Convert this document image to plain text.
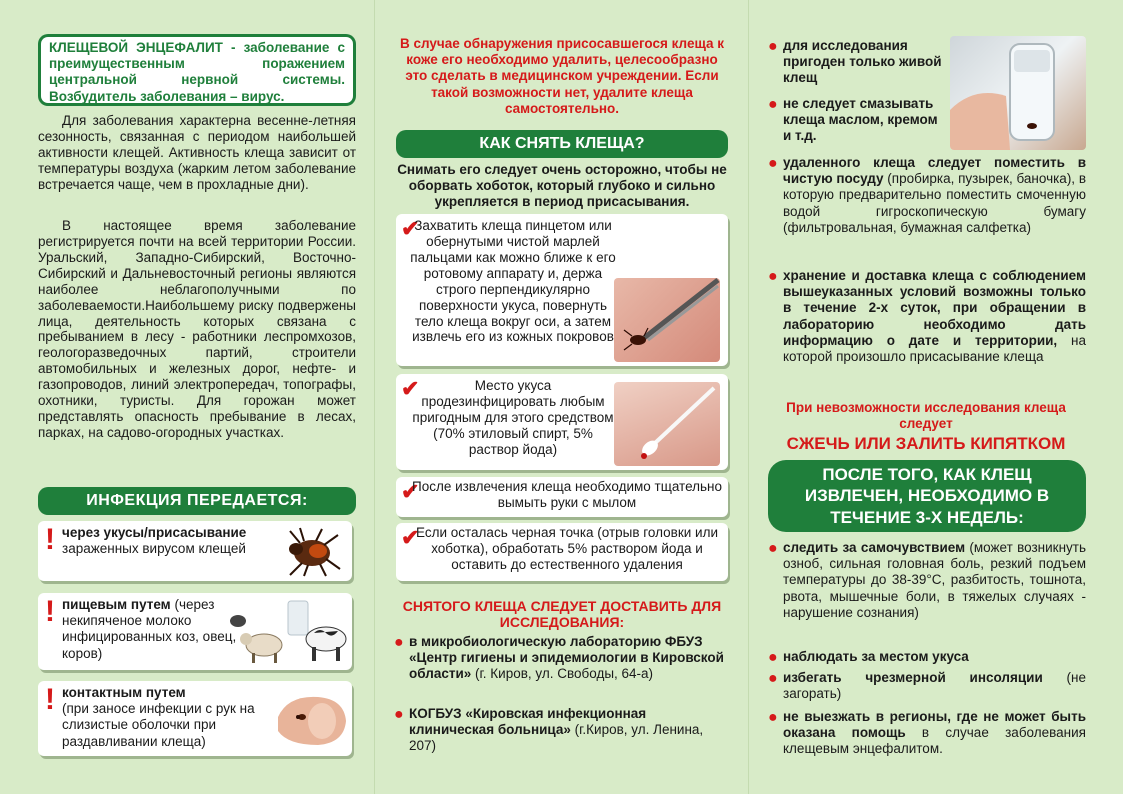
КЛЕЩЕВОЙ ЭНЦЕФАЛИТ - заболевание с преимущественным поражением центральной нервной системы. Возбудитель заболевания – вирус.

Для заболевания характерна весенне-летняя сезонность, связанная с периодом наибольшей активности клещей. Активность клеща зависит от температуры воздуха (жарким летом заболевание встречается чаще, чем в прохладные дни).

В настоящее время заболевание регистрируется почти на всей территории России. Уральский, Западно-Сибирский, Восточно-Сибирский и Дальневосточный регионы являются наиболее неблагополучными по заболеваемости.Наибольшему риску подвержены лица, деятельность которых связана с пребыванием в лесу - работники леспромхозов, геологоразведочных партий, строители автомобильных и железных дорог, нефте- и газопроводов, линий электропередач, топографы, охотники, туристы. Для горожан может представлять опасность пребывание в лесах, парках, на садово-огородных участках.

ИНФЕКЦИЯ ПЕРЕДАЕТСЯ:
! через укусы/присасывание
зараженных вирусом клещей
! пищевым путем (через некипяченое молоко инфицированных коз, овец, коров)
! контактным путем
(при заносе инфекции с рук на слизистые оболочки при раздавливании клеща)

В случае обнаружения присосавшегося клеща к коже его необходимо удалить, целесообразно это сделать в медицинском учреждении. Если такой возможности нет, удалите клеща самостоятельно.

КАК СНЯТЬ КЛЕЩА?

Снимать его следует очень осторожно, чтобы не оборвать хоботок, который глубоко и сильно укрепляется в период присасывания.

✔

Захватить клеща пинцетом или обернутыми чистой марлей пальцами как можно ближе к его ротовому аппарату и, держа строго перпендикулярно поверхности укуса, повернуть тело клеща вокруг оси, а затем извлечь его из кожных покровов

✔	Место укуса продезинфицировать любым пригодным для этого средством (70% этиловый спирт, 5% раствор йода)

✔

После извлечения клеща необходимо тщательно вымыть руки с мылом

✔

Если осталась черная точка (отрыв головки или хоботка), обработать 5% раствором йода и оставить до естественного удаления

СНЯТОГО КЛЕЩА СЛЕДУЕТ ДОСТАВИТЬ ДЛЯ ИССЛЕДОВАНИЯ:

● в микробиологическую лабораторию ФБУЗ «Центр гигиены и эпидемиологии в Кировской области» (г. Киров, ул. Свободы, 64-а)
● КОГБУЗ «Кировская инфекционная клиническая больница» (г.Киров, ул. Ленина, 207)
● для исследования пригоден только живой клещ
● не следует смазывать клеща маслом, кремом и т.д.
● удаленного клеща следует поместить в чистую посуду (пробирка, пузырек, баночка), в которую предварительно поместить смоченную водой гигроскопическую бумагу (фильтровальная, бумажная салфетка)
● хранение и доставка клеща с соблюдением вышеуказанных условий возможны только в течение 2-х суток, при обращении в лабораторию необходимо дать информацию о дате и территории, на которой произошло присасывание клеща

При невозможности исследования клеща следует

СЖЕЧЬ ИЛИ ЗАЛИТЬ КИПЯТКОМ

ПОСЛЕ ТОГО, КАК КЛЕЩ ИЗВЛЕЧЕН, НЕОБХОДИМО В ТЕЧЕНИЕ 3-Х НЕДЕЛЬ:
● следить за самочувствием (может возникнуть озноб, сильная головная боль, резкий подъем температуры до 38-39°С, разбитость, тошнота, рвота, мышечные боли, в тяжелых случаях - нарушение сознания)
● наблюдать за местом укуса
● избегать чрезмерной инсоляции (не загорать)
● не выезжать в регионы, где не может быть оказана помощь в случае заболевания клещевым энцефалитом.
